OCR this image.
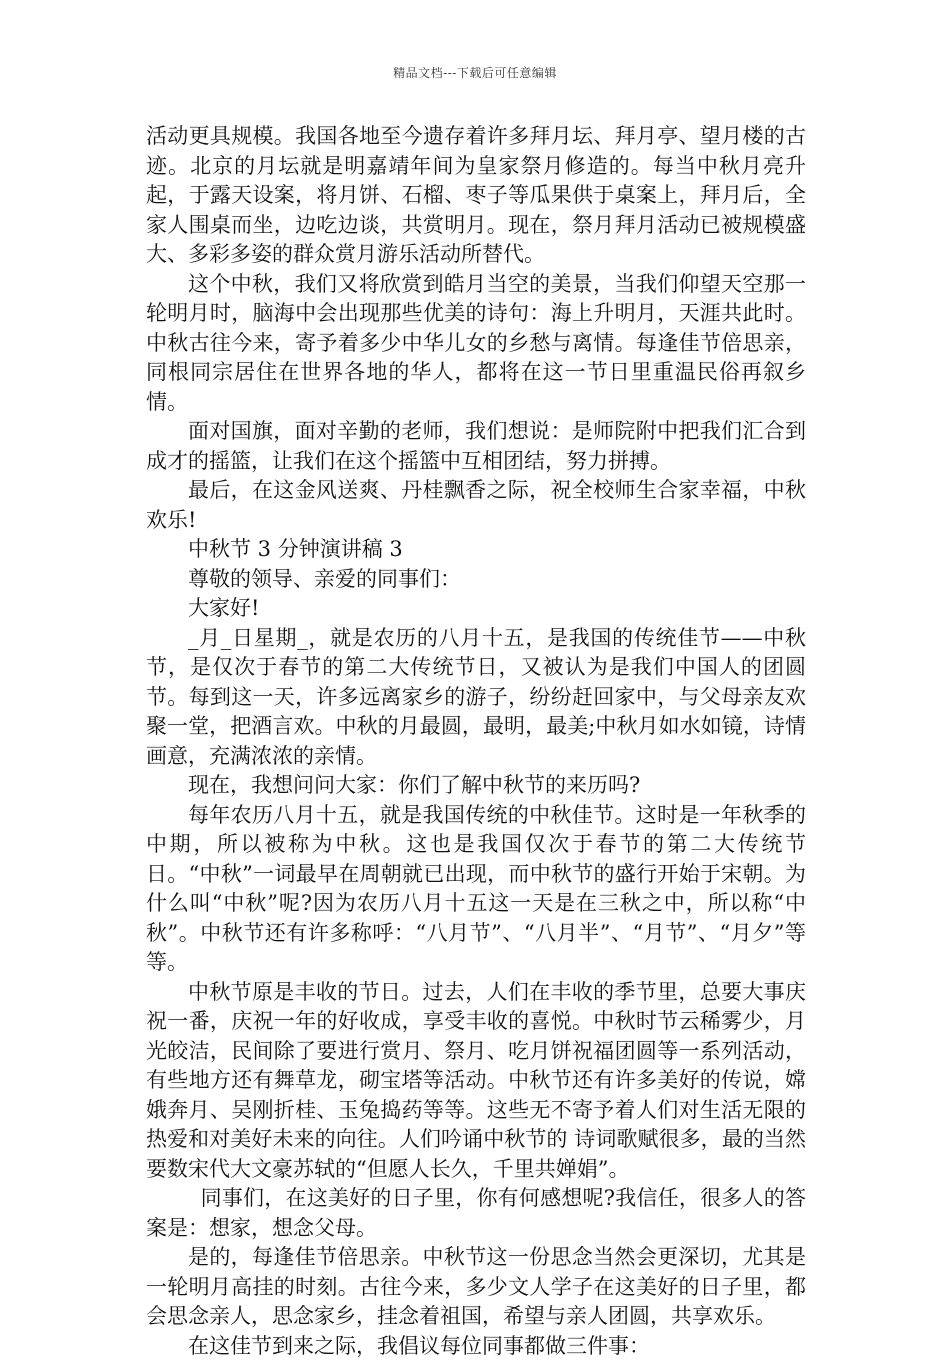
精品文档---下载后可任意编辑

活动更具规模。我国各地至今遗存着许多拜月坛、拜月亭、望月楼的古迹。北京的月坛就是明嘉靖年间为皇家祭月修造的。每当中秋月亮升起，于露天设案，将月饼、石榴、枣子等瓜果供于桌案上，拜月后，全家人围桌而坐，边吃边谈，共赏明月。现在，祭月拜月活动已被规模盛大、多彩多姿的群众赏月游乐活动所替代。

这个中秋，我们又将欣赏到皓月当空的美景，当我们仰望天空那一轮明月时，脑海中会出现那些优美的诗句：海上升明月，天涯共此时。中秋古往今来，寄予着多少中华儿女的乡愁与离情。每逢佳节倍思亲，同根同宗居住在世界各地的华人，都将在这一节日里重温民俗再叙乡情。

面对国旗，面对辛勤的老师，我们想说：是师院附中把我们汇合到成才的摇篮，让我们在这个摇篮中互相团结，努力拼搏。

最后，在这金风送爽、丹桂飘香之际，祝全校师生合家幸福，中秋欢乐!

中秋节 3 分钟演讲稿 3

尊敬的领导、亲爱的同事们：

大家好!

_月_日星期_，就是农历的八月十五，是我国的传统佳节——中秋节，是仅次于春节的第二大传统节日，又被认为是我们中国人的团圆节。每到这一天，许多远离家乡的游子，纷纷赶回家中，与父母亲友欢聚一堂，把酒言欢。中秋的月最圆，最明，最美;中秋月如水如镜，诗情画意，充满浓浓的亲情。

现在，我想问问大家：你们了解中秋节的来历吗?

每年农历八月十五，就是我国传统的中秋佳节。这时是一年秋季的中期，所以被称为中秋。这也是我国仅次于春节的第二大传统节日。“中秋”一词最早在周朝就已出现，而中秋节的盛行开始于宋朝。为什么叫“中秋”呢?因为农历八月十五这一天是在三秋之中，所以称“中秋”。中秋节还有许多称呼：“八月节”、“八月半”、“月节”、“月夕”等等。

中秋节原是丰收的节日。过去，人们在丰收的季节里，总要大事庆祝一番，庆祝一年的好收成，享受丰收的喜悦。中秋时节云稀雾少，月光皎洁，民间除了要进行赏月、祭月、吃月饼祝福团圆等一系列活动，有些地方还有舞草龙，砌宝塔等活动。中秋节还有许多美好的传说，嫦娥奔月、吴刚折桂、玉兔捣药等等。这些无不寄予着人们对生活无限的热爱和对美好未来的向往。人们吟诵中秋节的 诗词歌赋很多，最的当然要数宋代大文豪苏轼的“但愿人长久，千里共婵娟”。

同事们，在这美好的日子里，你有何感想呢?我信任，很多人的答案是：想家，想念父母。

是的，每逢佳节倍思亲。中秋节这一份思念当然会更深切，尤其是一轮明月高挂的时刻。古往今来，多少文人学子在这美好的日子里，都会思念亲人，思念家乡，挂念着祖国，希望与亲人团圆，共享欢乐。

在这佳节到来之际，我倡议每位同事都做三件事：
